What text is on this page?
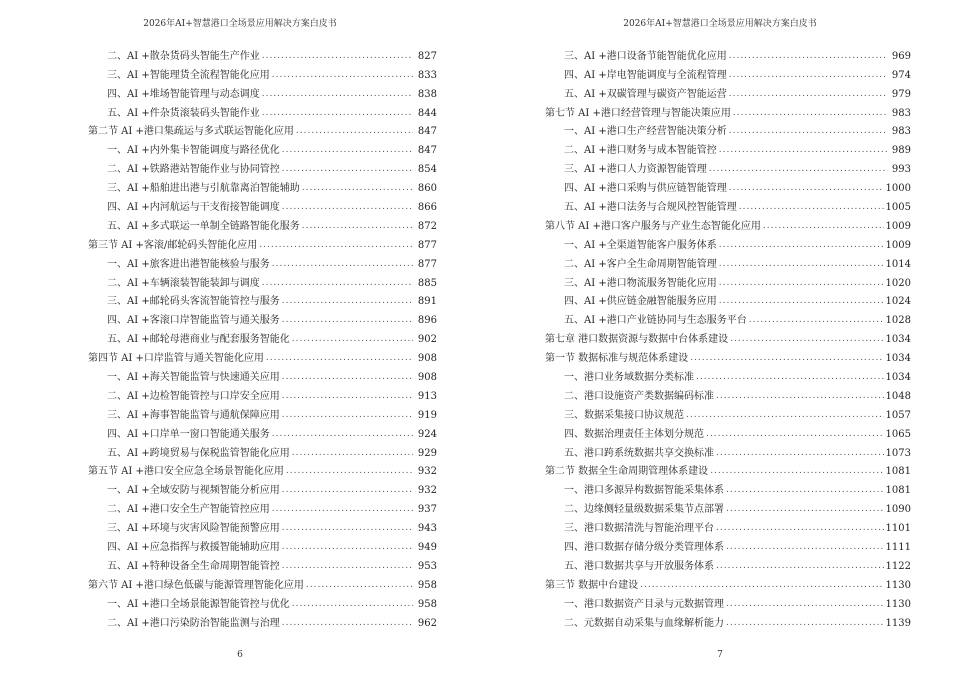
2026年AI+智慧港口全场景应用解决方案白皮书
二、AI +散杂货码头智能生产作业 .....	827
三、AI +智能理货全流程智能化应用 .....	833
四、AI +堆场智能管理与动态调度 .....	838
五、AI +件杂货滚装码头智能作业 .....	844
第二节 AI +港口集疏运与多式联运智能化应用 .....	847
一、AI +内外集卡智能调度与路径优化 .....	847
二、AI +铁路港站智能作业与协同管控 .....	854
三、AI +船舶进出港与引航靠离泊智能辅助 .....	860
四、AI +内河航运与干支衔接智能调度 .....	866
五、AI +多式联运一单制全链路智能化服务 .....	872
第三节 AI +客滚/邮轮码头智能化应用 .....	877
一、AI +旅客进出港智能核验与服务 .....	877
二、AI +车辆滚装智能装卸与调度 .....	885
三、AI +邮轮码头客流智能管控与服务 .....	891
四、AI +客滚口岸智能监管与通关服务 .....	896
五、AI +邮轮母港商业与配套服务智能化 .....	902
第四节 AI +口岸监管与通关智能化应用 .....	908
一、AI +海关智能监管与快速通关应用 .....	908
二、AI +边检智能管控与口岸安全应用 .....	913
三、AI +海事智能监管与通航保障应用 .....	919
四、AI +口岸单一窗口智能通关服务 .....	924
五、AI +跨境贸易与保税监管智能化应用 .....	929
第五节 AI +港口安全应急全场景智能化应用 .....	932
一、AI +全域安防与视频智能分析应用 .....	932
二、AI +港口安全生产智能管控应用 .....	937
三、AI +环境与灾害风险智能预警应用 .....	943
四、AI +应急指挥与救援智能辅助应用 .....	949
五、AI +特种设备全生命周期智能管控 .....	953
第六节 AI +港口绿色低碳与能源管理智能化应用 .....	958
一、AI +港口全场景能源智能管控与优化 .....	958
二、AI +港口污染防治智能监测与治理 .....	962
6
2026年AI+智慧港口全场景应用解决方案白皮书
三、AI +港口设备节能智能优化应用 .....	969
四、AI +岸电智能调度与全流程管理 .....	974
五、AI +双碳管理与碳资产智能运营 .....	979
第七节 AI +港口经营管理与智能决策应用 .....	983
一、AI +港口生产经营智能决策分析 .....	983
二、AI +港口财务与成本智能管控 .....	989
三、AI +港口人力资源智能管理 .....	993
四、AI +港口采购与供应链智能管理 .....	1000
五、AI +港口法务与合规风控智能管理 .....	1005
第八节 AI +港口客户服务与产业生态智能化应用 .....	1009
一、AI +全渠道智能客户服务体系 .....	1009
二、AI +客户全生命周期智能管理 .....	1014
三、AI +港口物流服务智能化应用 .....	1020
四、AI +供应链金融智能服务应用 .....	1024
五、AI +港口产业链协同与生态服务平台 .....	1028
第七章 港口数据资源与数据中台体系建设 .....	1034
第一节 数据标准与规范体系建设 .....	1034
一、港口业务域数据分类标准 .....	1034
二、港口设施资产类数据编码标准 .....	1048
三、数据采集接口协议规范 .....	1057
四、数据治理责任主体划分规范 .....	1065
五、港口跨系统数据共享交换标准 .....	1073
第二节 数据全生命周期管理体系建设 .....	1081
一、港口多源异构数据智能采集体系 .....	1081
二、边缘侧轻量级数据采集节点部署 .....	1090
三、港口数据清洗与智能治理平台 .....	1101
四、港口数据存储分级分类管理体系 .....	1111
五、港口数据共享与开放服务体系 .....	1122
第三节 数据中台建设 .....	1130
一、港口数据资产目录与元数据管理 .....	1130
二、元数据自动采集与血缘解析能力 .....	1139
7
